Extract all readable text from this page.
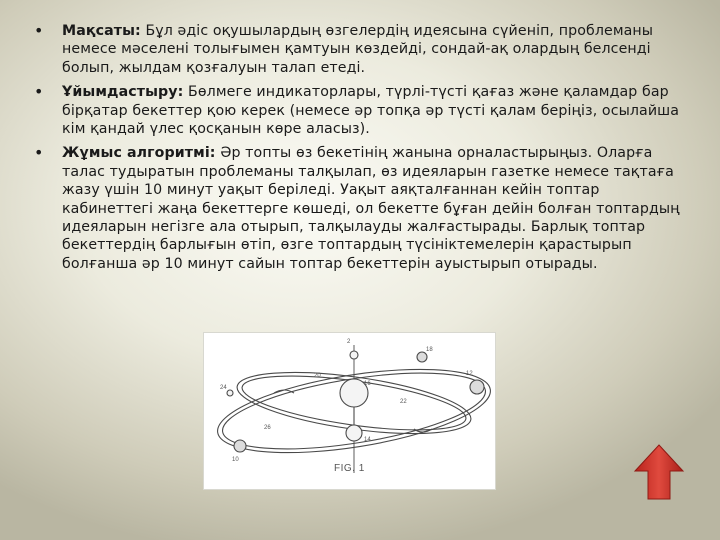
• Мақсаты: Бұл әдіс оқушылардың өзгелердің идеясына сүйеніп, проблеманы немесе мәселені толығымен қамтуын көздейді, сондай-ақ олардың белсенді болып, жылдам қозғалуын талап етеді.
• Ұйымдастыру: Бөлмеге индикаторлары, түрлі-түсті қағаз және қаламдар бар бірқатар бекеттер қою керек (немесе әр топқа әр түсті қалам беріңіз, осылайша кім қандай үлес қосқанын көре аласыз).
• Жұмыс алгоритмі: Әр топты өз бекетінің жанына орналастырыңыз. Оларға талас тудыратын проблеманы талқылап, өз идеяларын газетке немесе тақтаға жазу үшін 10 минут уақыт беріледі. Уақыт аяқталғаннан кейін топтар кабинеттегі жаңа бекеттерге көшеді, ол бекетте бұған дейін болған топтардың идеяларын негізге ала отырып, талқылауды жалғастырады. Барлық топтар бекеттердің барлығын өтіп, өзге топтардың түсініктемелерін қарастырып болғанша әр 10 минут сайын топтар бекеттерін ауыстырып отырады.
2
18
12
24
10
16
14
20
22
26
FIG. 1
